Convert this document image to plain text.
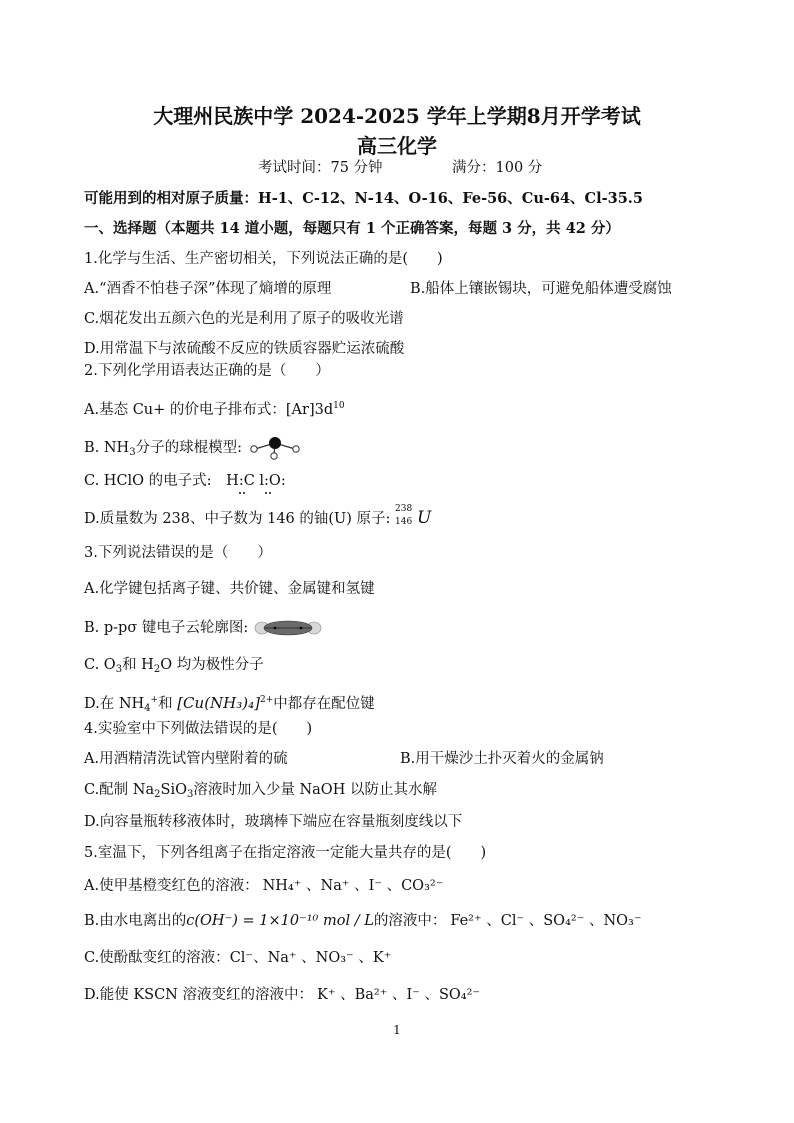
大理州民族中学 2024-2025 学年上学期8月开学考试
高三化学
考试时间：75 分钟	满分：100 分
可能用到的相对原子质量：H-1、C-12、N-14、O-16、Fe-56、Cu-64、Cl-35.5
一、选择题（本题共 14 道小题，每题只有 1 个正确答案，每题 3 分，共 42 分）
1.化学与生活、生产密切相关，下列说法正确的是(　　)
A.“酒香不怕巷子深”体现了熵增的原理	B.船体上镶嵌锡块，可避免船体遭受腐蚀
C.烟花发出五颜六色的光是利用了原子的吸收光谱
D.用常温下与浓硫酸不反应的铁质容器贮运浓硫酸
2.下列化学用语表达正确的是（　　）
A.基态 Cu+ 的价电子排布式：$[Ar]3d^{10}$
B. $NH_3$分子的球棍模型:
C. HClO 的电子式: H:C l:O:
D.质量数为 238、中子数为 146 的铀(U) 原子:
238
146 U
3.下列说法错误的是（　　）
A.化学键包括离子键、共价键、金属键和氢键
B. p-pσ 键电子云轮廓图:
C. $O_3$和 $H_2O$ 均为极性分子
D.在 $NH_4^+$和 $[Cu(NH_3)_4]^{2+}$中都存在配位键
4.实验室中下列做法错误的是(　　)
A.用酒精清洗试管内壁附着的硫	B.用干燥沙土扑灭着火的金属钠
C.配制 $Na_2SiO_3$溶液时加入少量 NaOH 以防止其水解
D.向容量瓶转移液体时，玻璃棒下端应在容量瓶刻度线以下
5.室温下，下列各组离子在指定溶液一定能大量共存的是(　　)
A.使甲基橙变红色的溶液： NH₄⁺ 、Na⁺ 、I⁻ 、CO₃²⁻
B.由水电离出的c(OH⁻) = 1×10⁻¹⁰ mol / L的溶液中： Fe²⁺ 、Cl⁻ 、SO₄²⁻ 、NO₃⁻
C.使酚酞变红的溶液：Cl⁻、Na⁺ 、NO₃⁻ 、K⁺
D.能使 KSCN 溶液变红的溶液中： K⁺ 、Ba²⁺ 、I⁻ 、SO₄²⁻
1
